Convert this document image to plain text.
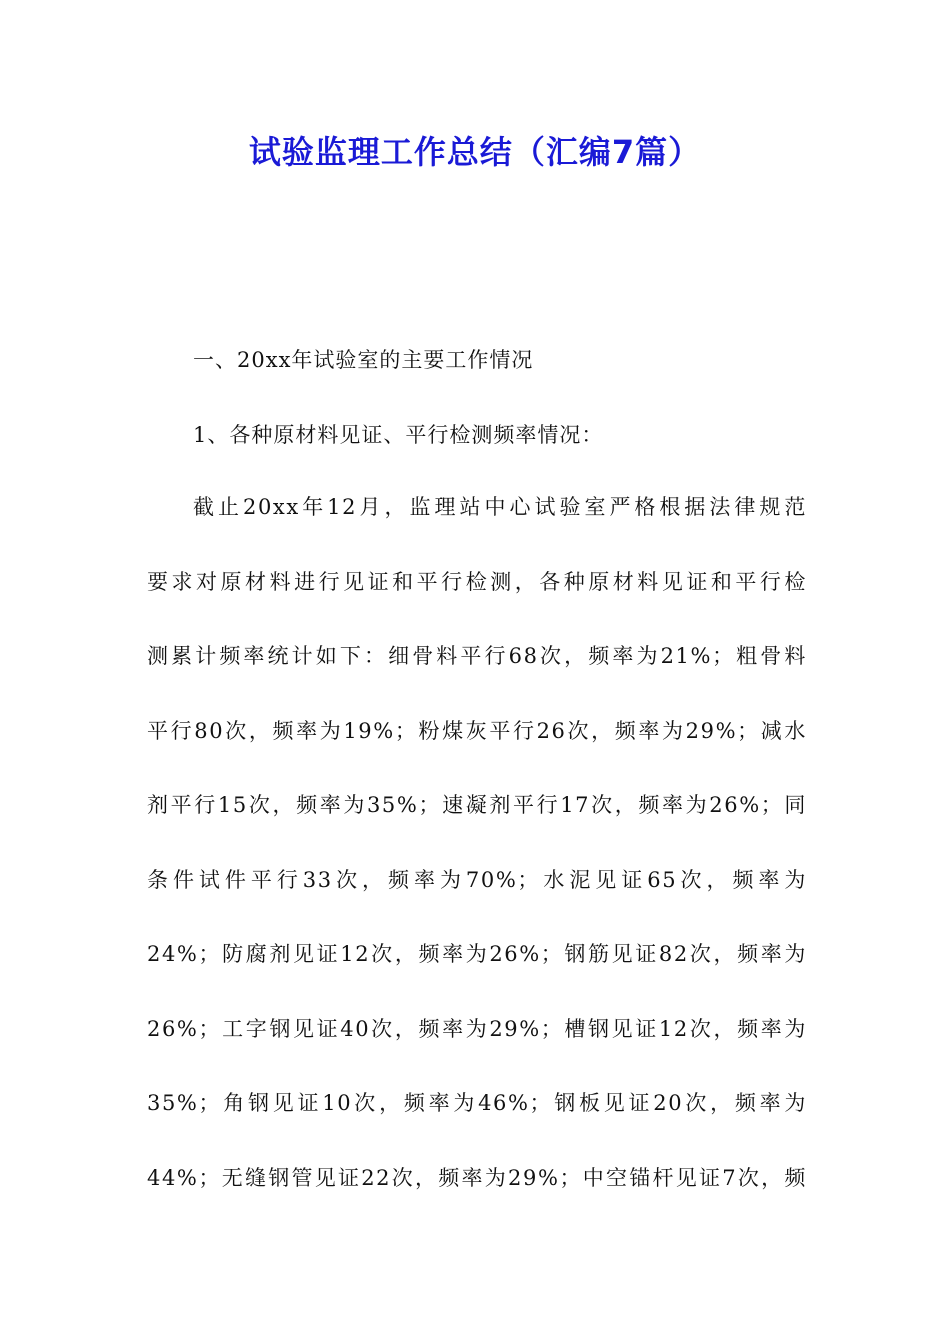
试验监理工作总结（汇编7篇）

一、20xx年试验室的主要工作情况

1、各种原材料见证、平行检测频率情况：

截止20xx年12月，监理站中心试验室严格根据法律规范
要求对原材料进行见证和平行检测，各种原材料见证和平行检
测累计频率统计如下：细骨料平行68次，频率为21%；粗骨料
平行80次，频率为19%；粉煤灰平行26次，频率为29%；减水
剂平行15次，频率为35%；速凝剂平行17次，频率为26%；同
条件试件平行33次，频率为70%；水泥见证65次，频率为
24%；防腐剂见证12次，频率为26%；钢筋见证82次，频率为
26%；工字钢见证40次，频率为29%；槽钢见证12次，频率为
35%；角钢见证10次，频率为46%；钢板见证20次，频率为
44%；无缝钢管见证22次，频率为29%；中空锚杆见证7次，频
